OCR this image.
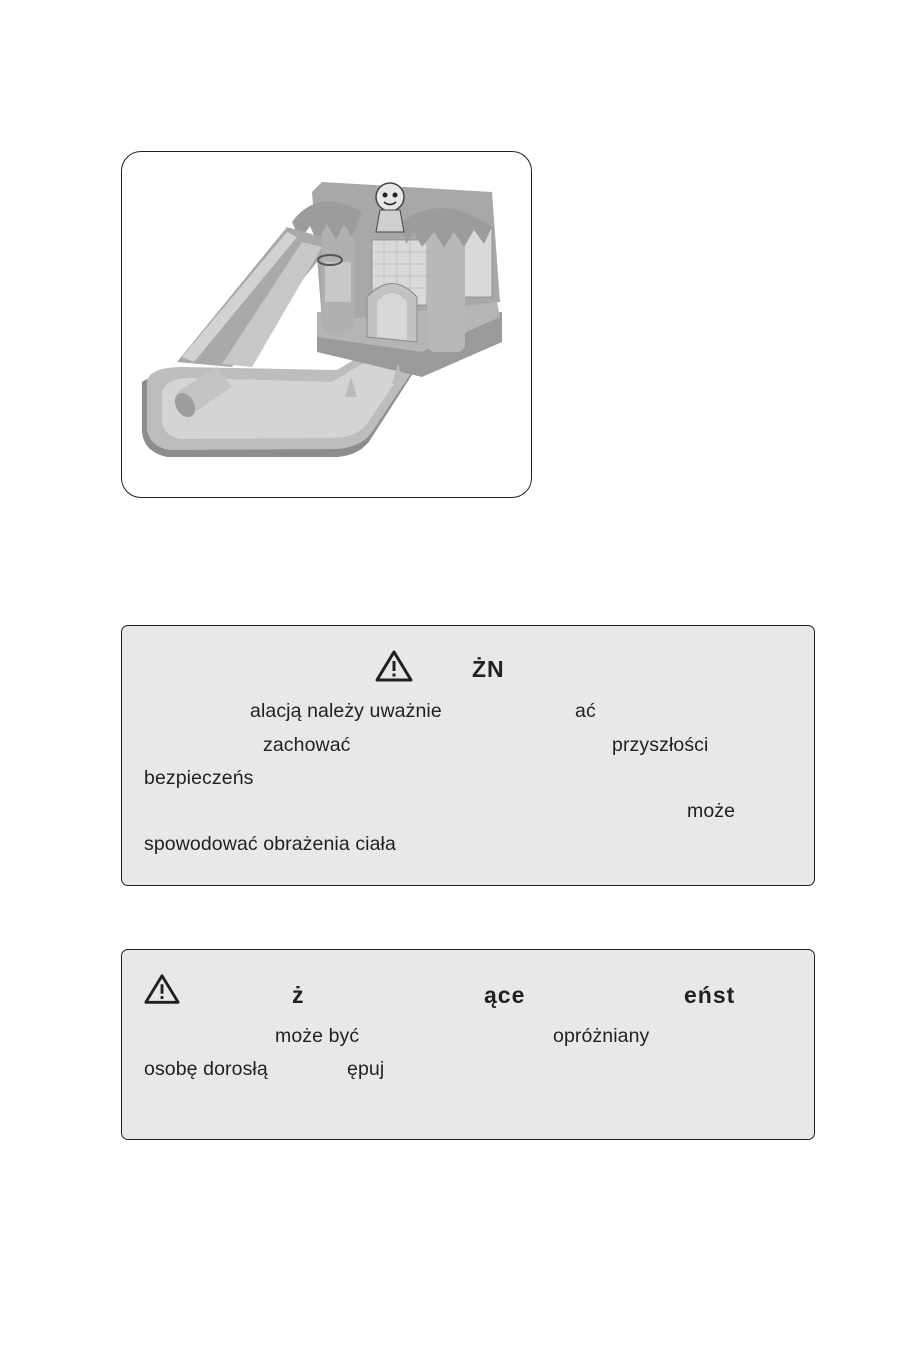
ŻN
alacją należy uważnie	ać
zachować	przyszłości
bezpieczeńs
może
spowodować obrażenia ciała
ż	ące	eńst
może być	opróżniany
osobę dorosłą	ępuj
